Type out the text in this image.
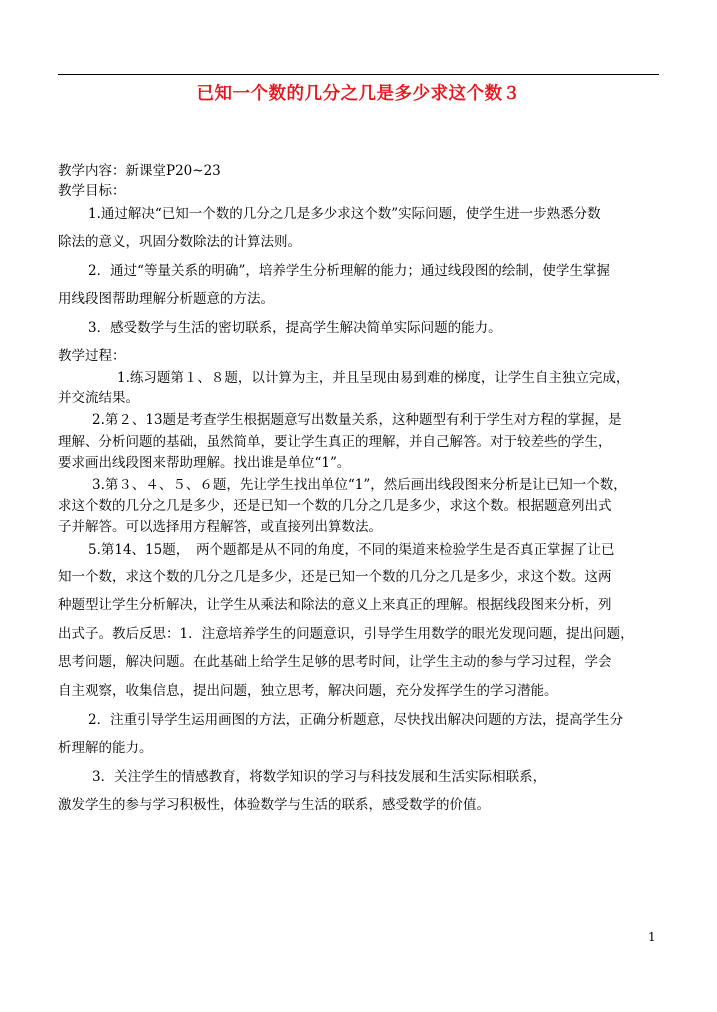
已知一个数的几分之几是多少求这个数３
教学内容：新课堂P20~23
教学目标：
1.通过解决“已知一个数的几分之几是多少求这个数”实际问题，使学生进一步熟悉分数
除法的意义，巩固分数除法的计算法则。
2．通过“等量关系的明确”，培养学生分析理解的能力；通过线段图的绘制，使学生掌握
用线段图帮助理解分析题意的方法。
3．感受数学与生活的密切联系，提高学生解决简单实际问题的能力。
教学过程：
1.练习题第１、８题，以计算为主，并且呈现由易到难的梯度，让学生自主独立完成，
并交流结果。
2.第２、13题是考查学生根据题意写出数量关系，这种题型有利于学生对方程的掌握，是
理解、分析问题的基础，虽然简单，要让学生真正的理解，并自己解答。对于较差些的学生，
要求画出线段图来帮助理解。找出谁是单位“1”。
3.第３、４、５、６题，先让学生找出单位“1”，然后画出线段图来分析是让已知一个数，
求这个数的几分之几是多少，还是已知一个数的几分之几是多少，求这个数。根据题意列出式
子并解答。可以选择用方程解答，或直接列出算数法。
5.第14、15题，　两个题都是从不同的角度，不同的渠道来检验学生是否真正掌握了让已
知一个数，求这个数的几分之几是多少，还是已知一个数的几分之几是多少，求这个数。这两
种题型让学生分析解决，让学生从乘法和除法的意义上来真正的理解。根据线段图来分析，列
出式子。教后反思：1．注意培养学生的问题意识，引导学生用数学的眼光发现问题，提出问题，
思考问题，解决问题。在此基础上给学生足够的思考时间，让学生主动的参与学习过程，学会
自主观察，收集信息，提出问题，独立思考，解决问题，充分发挥学生的学习潜能。
2．注重引导学生运用画图的方法，正确分析题意，尽快找出解决问题的方法，提高学生分
析理解的能力。
3．关注学生的情感教育，将数学知识的学习与科技发展和生活实际相联系，
激发学生的参与学习积极性，体验数学与生活的联系，感受数学的价值。
1
